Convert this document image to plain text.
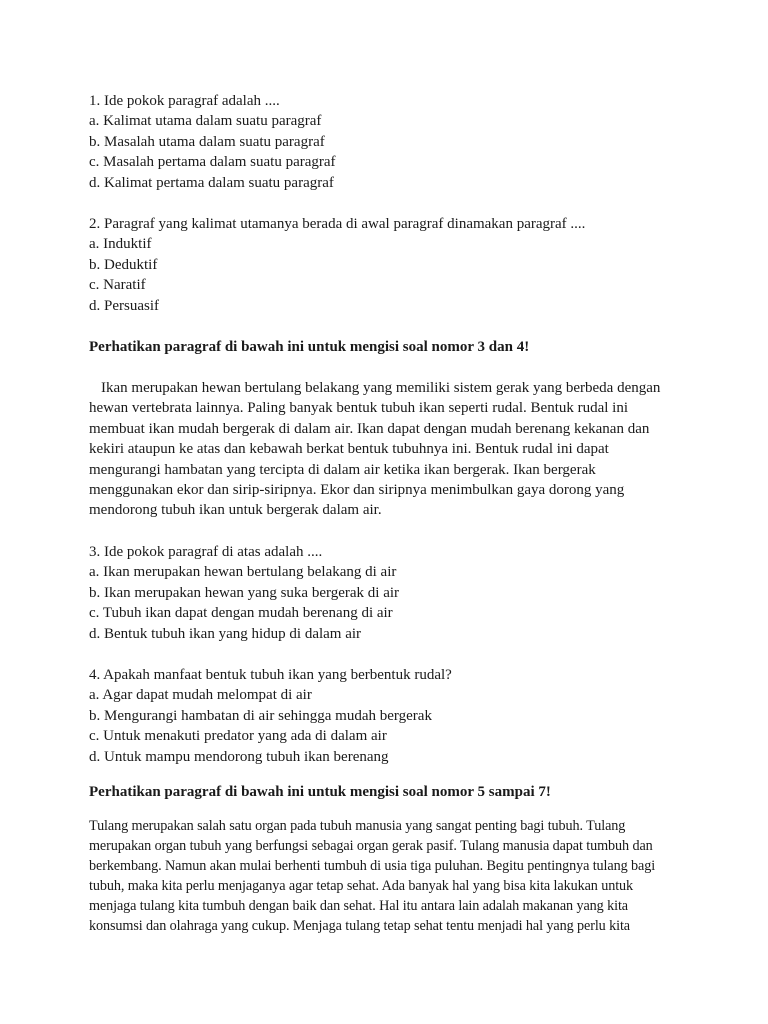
1. Ide pokok paragraf adalah ....
a. Kalimat utama dalam suatu paragraf
b. Masalah utama dalam suatu paragraf
c. Masalah pertama dalam suatu paragraf
d. Kalimat pertama dalam suatu paragraf
2. Paragraf yang kalimat utamanya berada di awal paragraf dinamakan paragraf ....
a. Induktif
b. Deduktif
c. Naratif
d. Persuasif
Perhatikan paragraf di bawah ini untuk mengisi soal nomor 3 dan 4!
Ikan merupakan hewan bertulang belakang yang memiliki sistem gerak yang berbeda dengan
hewan vertebrata lainnya. Paling banyak bentuk tubuh ikan seperti rudal. Bentuk rudal ini
membuat ikan mudah bergerak di dalam air. Ikan dapat dengan mudah berenang kekanan dan
kekiri ataupun ke atas dan kebawah berkat bentuk tubuhnya ini. Bentuk rudal ini dapat
mengurangi hambatan yang tercipta di dalam air ketika ikan bergerak. Ikan bergerak
menggunakan ekor dan sirip-siripnya. Ekor dan siripnya menimbulkan gaya dorong yang
mendorong tubuh ikan untuk bergerak dalam air.
3. Ide pokok paragraf di atas adalah ....
a. Ikan merupakan hewan bertulang belakang di air
b. Ikan merupakan hewan yang suka bergerak di air
c. Tubuh ikan dapat dengan mudah berenang di air
d. Bentuk tubuh ikan yang hidup di dalam air
4. Apakah manfaat bentuk tubuh ikan yang berbentuk rudal?
a. Agar dapat mudah melompat di air
b. Mengurangi hambatan di air sehingga mudah bergerak
c. Untuk menakuti predator yang ada di dalam air
d. Untuk mampu mendorong tubuh ikan berenang
Perhatikan paragraf di bawah ini untuk mengisi soal nomor 5 sampai 7!
Tulang merupakan salah satu organ pada tubuh manusia yang sangat penting bagi tubuh. Tulang
merupakan organ tubuh yang berfungsi sebagai organ gerak pasif. Tulang manusia dapat tumbuh dan
berkembang. Namun akan mulai berhenti tumbuh di usia tiga puluhan. Begitu pentingnya tulang bagi
tubuh, maka kita perlu menjaganya agar tetap sehat. Ada banyak hal yang bisa kita lakukan untuk
menjaga tulang kita tumbuh dengan baik dan sehat. Hal itu antara lain adalah makanan yang kita
konsumsi dan olahraga yang cukup. Menjaga tulang tetap sehat tentu menjadi hal yang perlu kita
